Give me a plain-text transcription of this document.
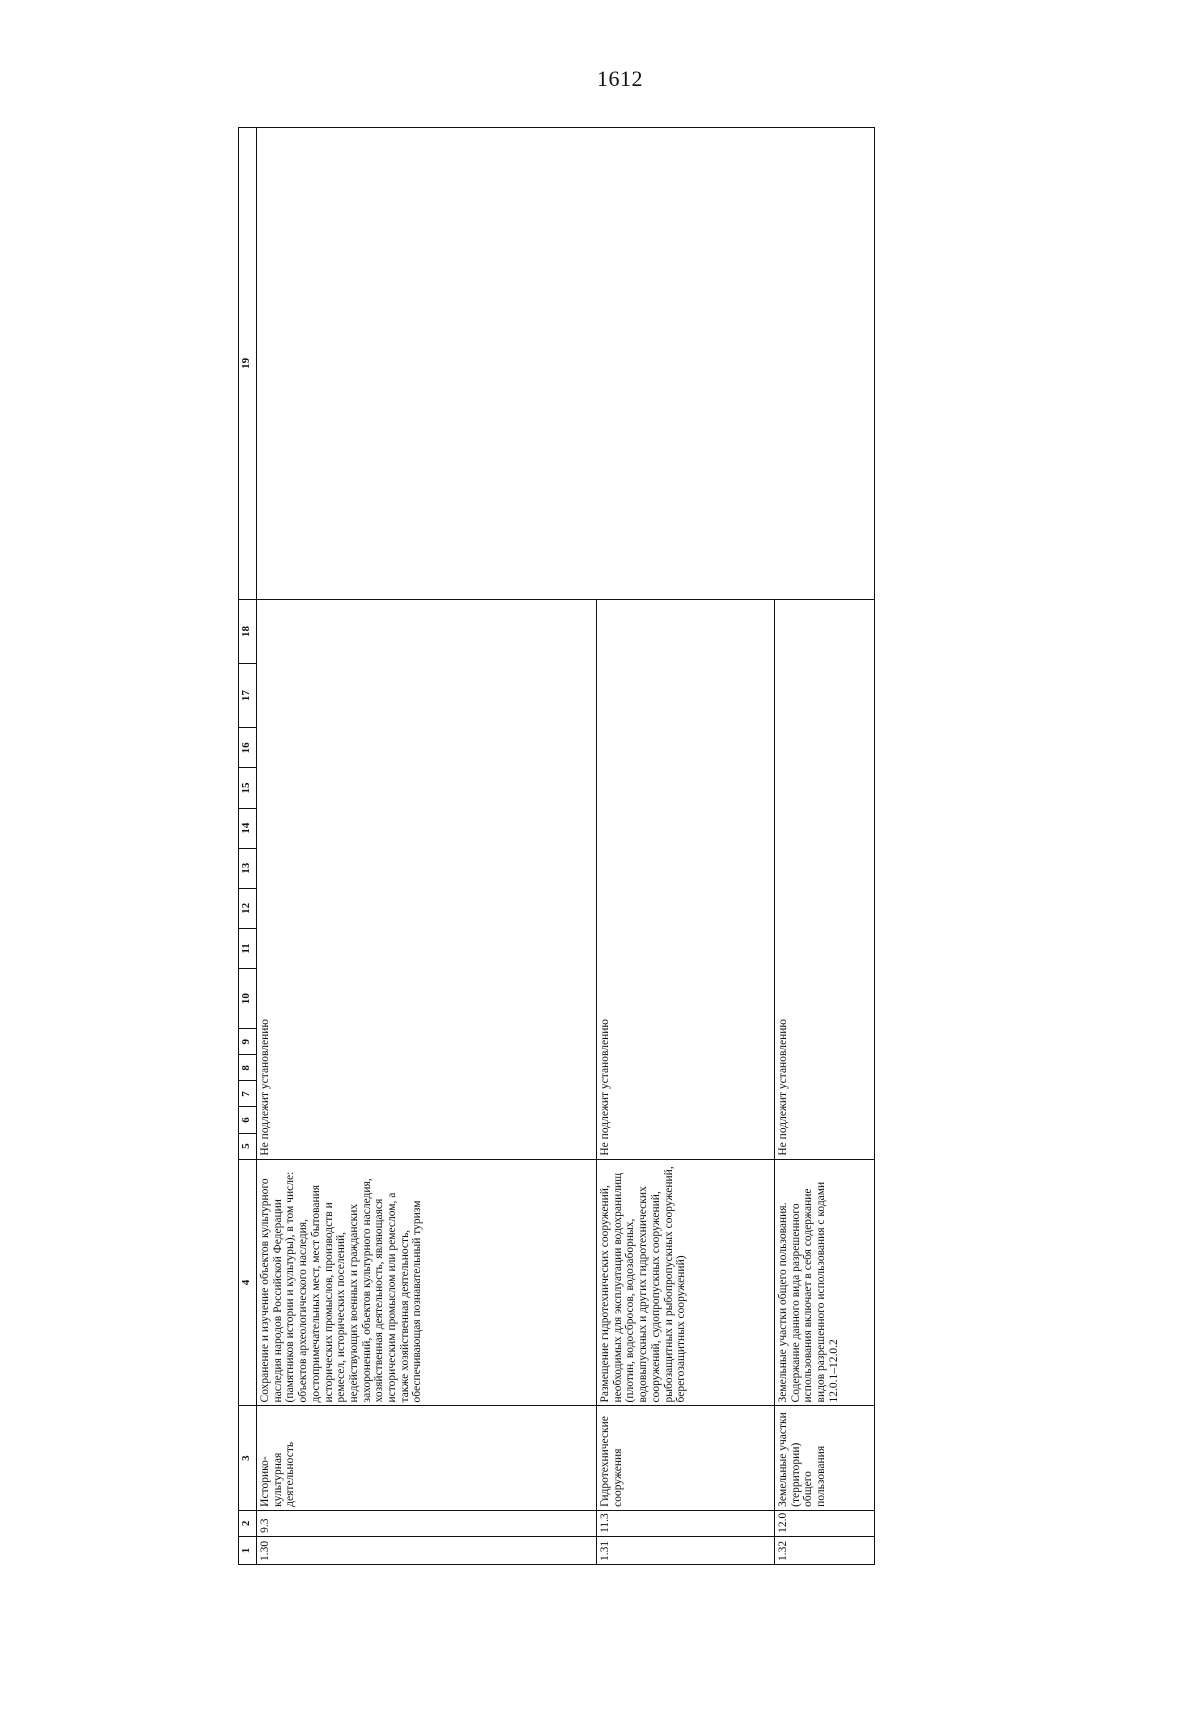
1612
1	2	3	4	5	6	7	8	9	10	11	12	13	14	15	16	17	18	19
1.30	9.3	Историко-культурная деятельность	Сохранение и изучение объектов культурного наследия народов Российской Федерации (памятников истории и культуры), в том числе: объектов археологического наследия, достопримечательных мест, мест бытования исторических промыслов, производств и ремесел, исторических поселений, недействующих военных и гражданских захоронений, объектов культурного наследия, хозяйственная деятельность, являющаяся историческим промыслом или ремеслом, а также хозяйственная деятельность, обеспечивающая познавательный туризм	Не подлежит установлению														
1.31	11.3	Гидротехнические сооружения	Размещение гидротехнических сооружений, необходимых для эксплуатации водохранилищ (плотин, водосбросов, водозаборных, водовыпускных и других гидротехнических сооружений, судопропускных сооружений, рыбозащитных и рыбопропускных сооружений, берегозащитных сооружений)	Не подлежит установлению														
1.32	12.0	Земельные участки (территории) общего пользования	Земельные участки общего пользования. Содержание данного вида разрешенного использования включает в себя содержание видов разрешенного использования с кодами 12.0.1–12.0.2	Не подлежит установлению														
